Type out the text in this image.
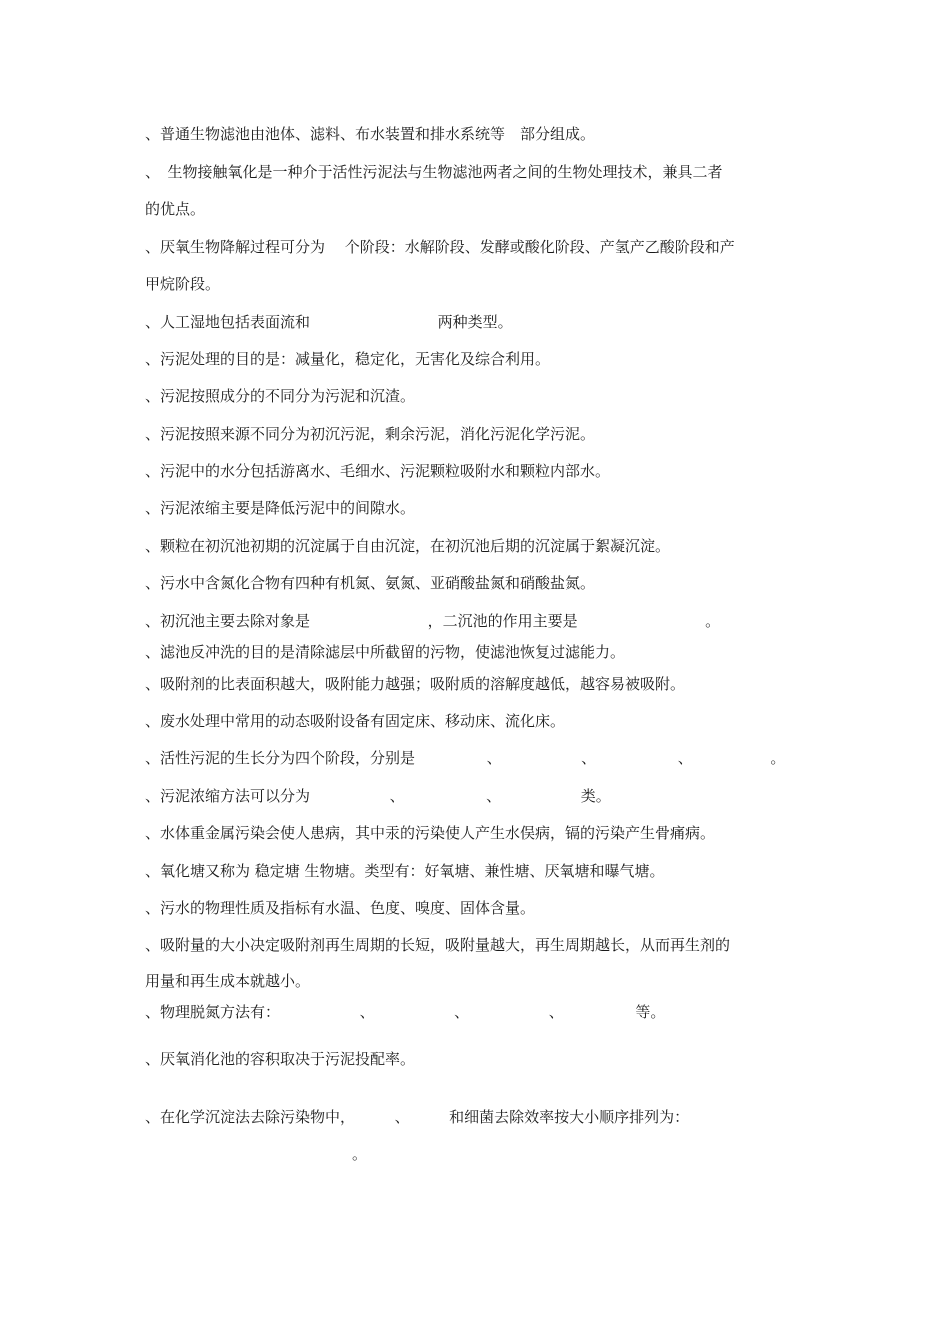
、普通生物滤池由池体、滤料、布水装置和排水系统等　部分组成。
、　生物接触氧化是一种介于活性污泥法与生物滤池两者之间的生物处理技术，兼具二者
的优点。
、厌氧生物降解过程可分为　 个阶段：水解阶段、发酵或酸化阶段、产氢产乙酸阶段和产
甲烷阶段。
、人工湿地包括表面流和	两种类型。
、污泥处理的目的是：减量化，稳定化，无害化及综合利用。
、污泥按照成分的不同分为污泥和沉渣。
、污泥按照来源不同分为初沉污泥，剩余污泥，消化污泥化学污泥。
、污泥中的水分包括游离水、毛细水、污泥颗粒吸附水和颗粒内部水。
、污泥浓缩主要是降低污泥中的间隙水。
、颗粒在初沉池初期的沉淀属于自由沉淀，在初沉池后期的沉淀属于絮凝沉淀。
、污水中含氮化合物有四种有机氮、氨氮、亚硝酸盐氮和硝酸盐氮。
、初沉池主要去除对象是	，二沉池的作用主要是	。
、滤池反冲洗的目的是清除滤层中所截留的污物，使滤池恢复过滤能力。
、吸附剂的比表面积越大，吸附能力越强；吸附质的溶解度越低，越容易被吸附。
、废水处理中常用的动态吸附设备有固定床、移动床、流化床。
、活性污泥的生长分为四个阶段，分别是	、	、	、	。
、污泥浓缩方法可以分为	、	、	类。
、水体重金属污染会使人患病，其中汞的污染使人产生水俣病，镉的污染产生骨痛病。
、氧化塘又称为 稳定塘 生物塘。类型有：好氧塘、兼性塘、厌氧塘和曝气塘。
、污水的物理性质及指标有水温、色度、嗅度、固体含量。
、吸附量的大小决定吸附剂再生周期的长短，吸附量越大，再生周期越长，从而再生剂的
用量和再生成本就越小。
、物理脱氮方法有：	、	、	、	等。
、厌氧消化池的容积取决于污泥投配率。
、在化学沉淀法去除污染物中，	、	和细菌去除效率按大小顺序排列为：
。
